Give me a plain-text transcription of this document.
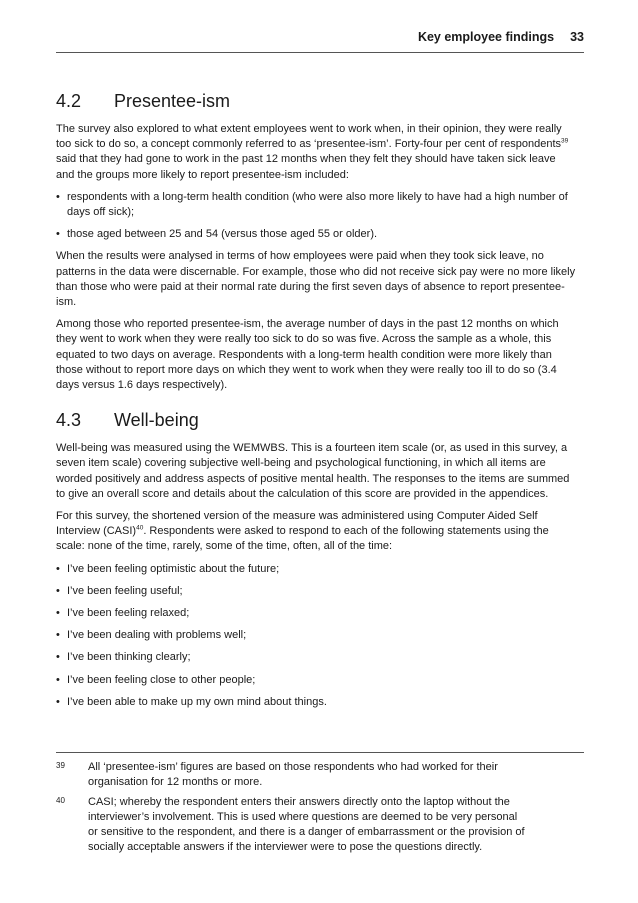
Key employee findings 33
4.2 Presentee-ism

The survey also explored to what extent employees went to work when, in their opinion, they were really too sick to do so, a concept commonly referred to as ‘presentee-ism’. Forty-four per cent of respondents$^{39}$ said that they had gone to work in the past 12 months when they felt they should have taken sick leave and the groups more likely to report presentee-ism included:

• respondents with a long-term health condition (who were also more likely to have had a high number of days off sick);
• those aged between 25 and 54 (versus those aged 55 or older).

When the results were analysed in terms of how employees were paid when they took sick leave, no patterns in the data were discernable. For example, those who did not receive sick pay were no more likely than those who were paid at their normal rate during the first seven days of absence to report presentee-ism.

Among those who reported presentee-ism, the average number of days in the past 12 months on which they went to work when they were really too sick to do so was five. Across the sample as a whole, this equated to two days on average. Respondents with a long-term health condition were more likely than those without to report more days on which they went to work when they were really too ill to do so (3.4 days versus 1.6 days respectively).

4.3 Well-being

Well-being was measured using the WEMWBS. This is a fourteen item scale (or, as used in this survey, a seven item scale) covering subjective well-being and psychological functioning, in which all items are worded positively and address aspects of positive mental health. The responses to the items are summed to give an overall score and details about the calculation of this score are provided in the appendices.

For this survey, the shortened version of the measure was administered using Computer Aided Self Interview (CASI)$^{40}$. Respondents were asked to respond to each of the following statements using the scale: none of the time, rarely, some of the time, often, all of the time:

• I’ve been feeling optimistic about the future;
• I’ve been feeling useful;
• I’ve been feeling relaxed;
• I’ve been dealing with problems well;
• I’ve been thinking clearly;
• I’ve been feeling close to other people;
• I’ve been able to make up my own mind about things.
39	All ‘presentee-ism’ figures are based on those respondents who had worked for their organisation for 12 months or more.
40	CASI; whereby the respondent enters their answers directly onto the laptop without the interviewer’s involvement. This is used where questions are deemed to be very personal or sensitive to the respondent, and there is a danger of embarrassment or the provision of socially acceptable answers if the interviewer were to pose the questions directly.
